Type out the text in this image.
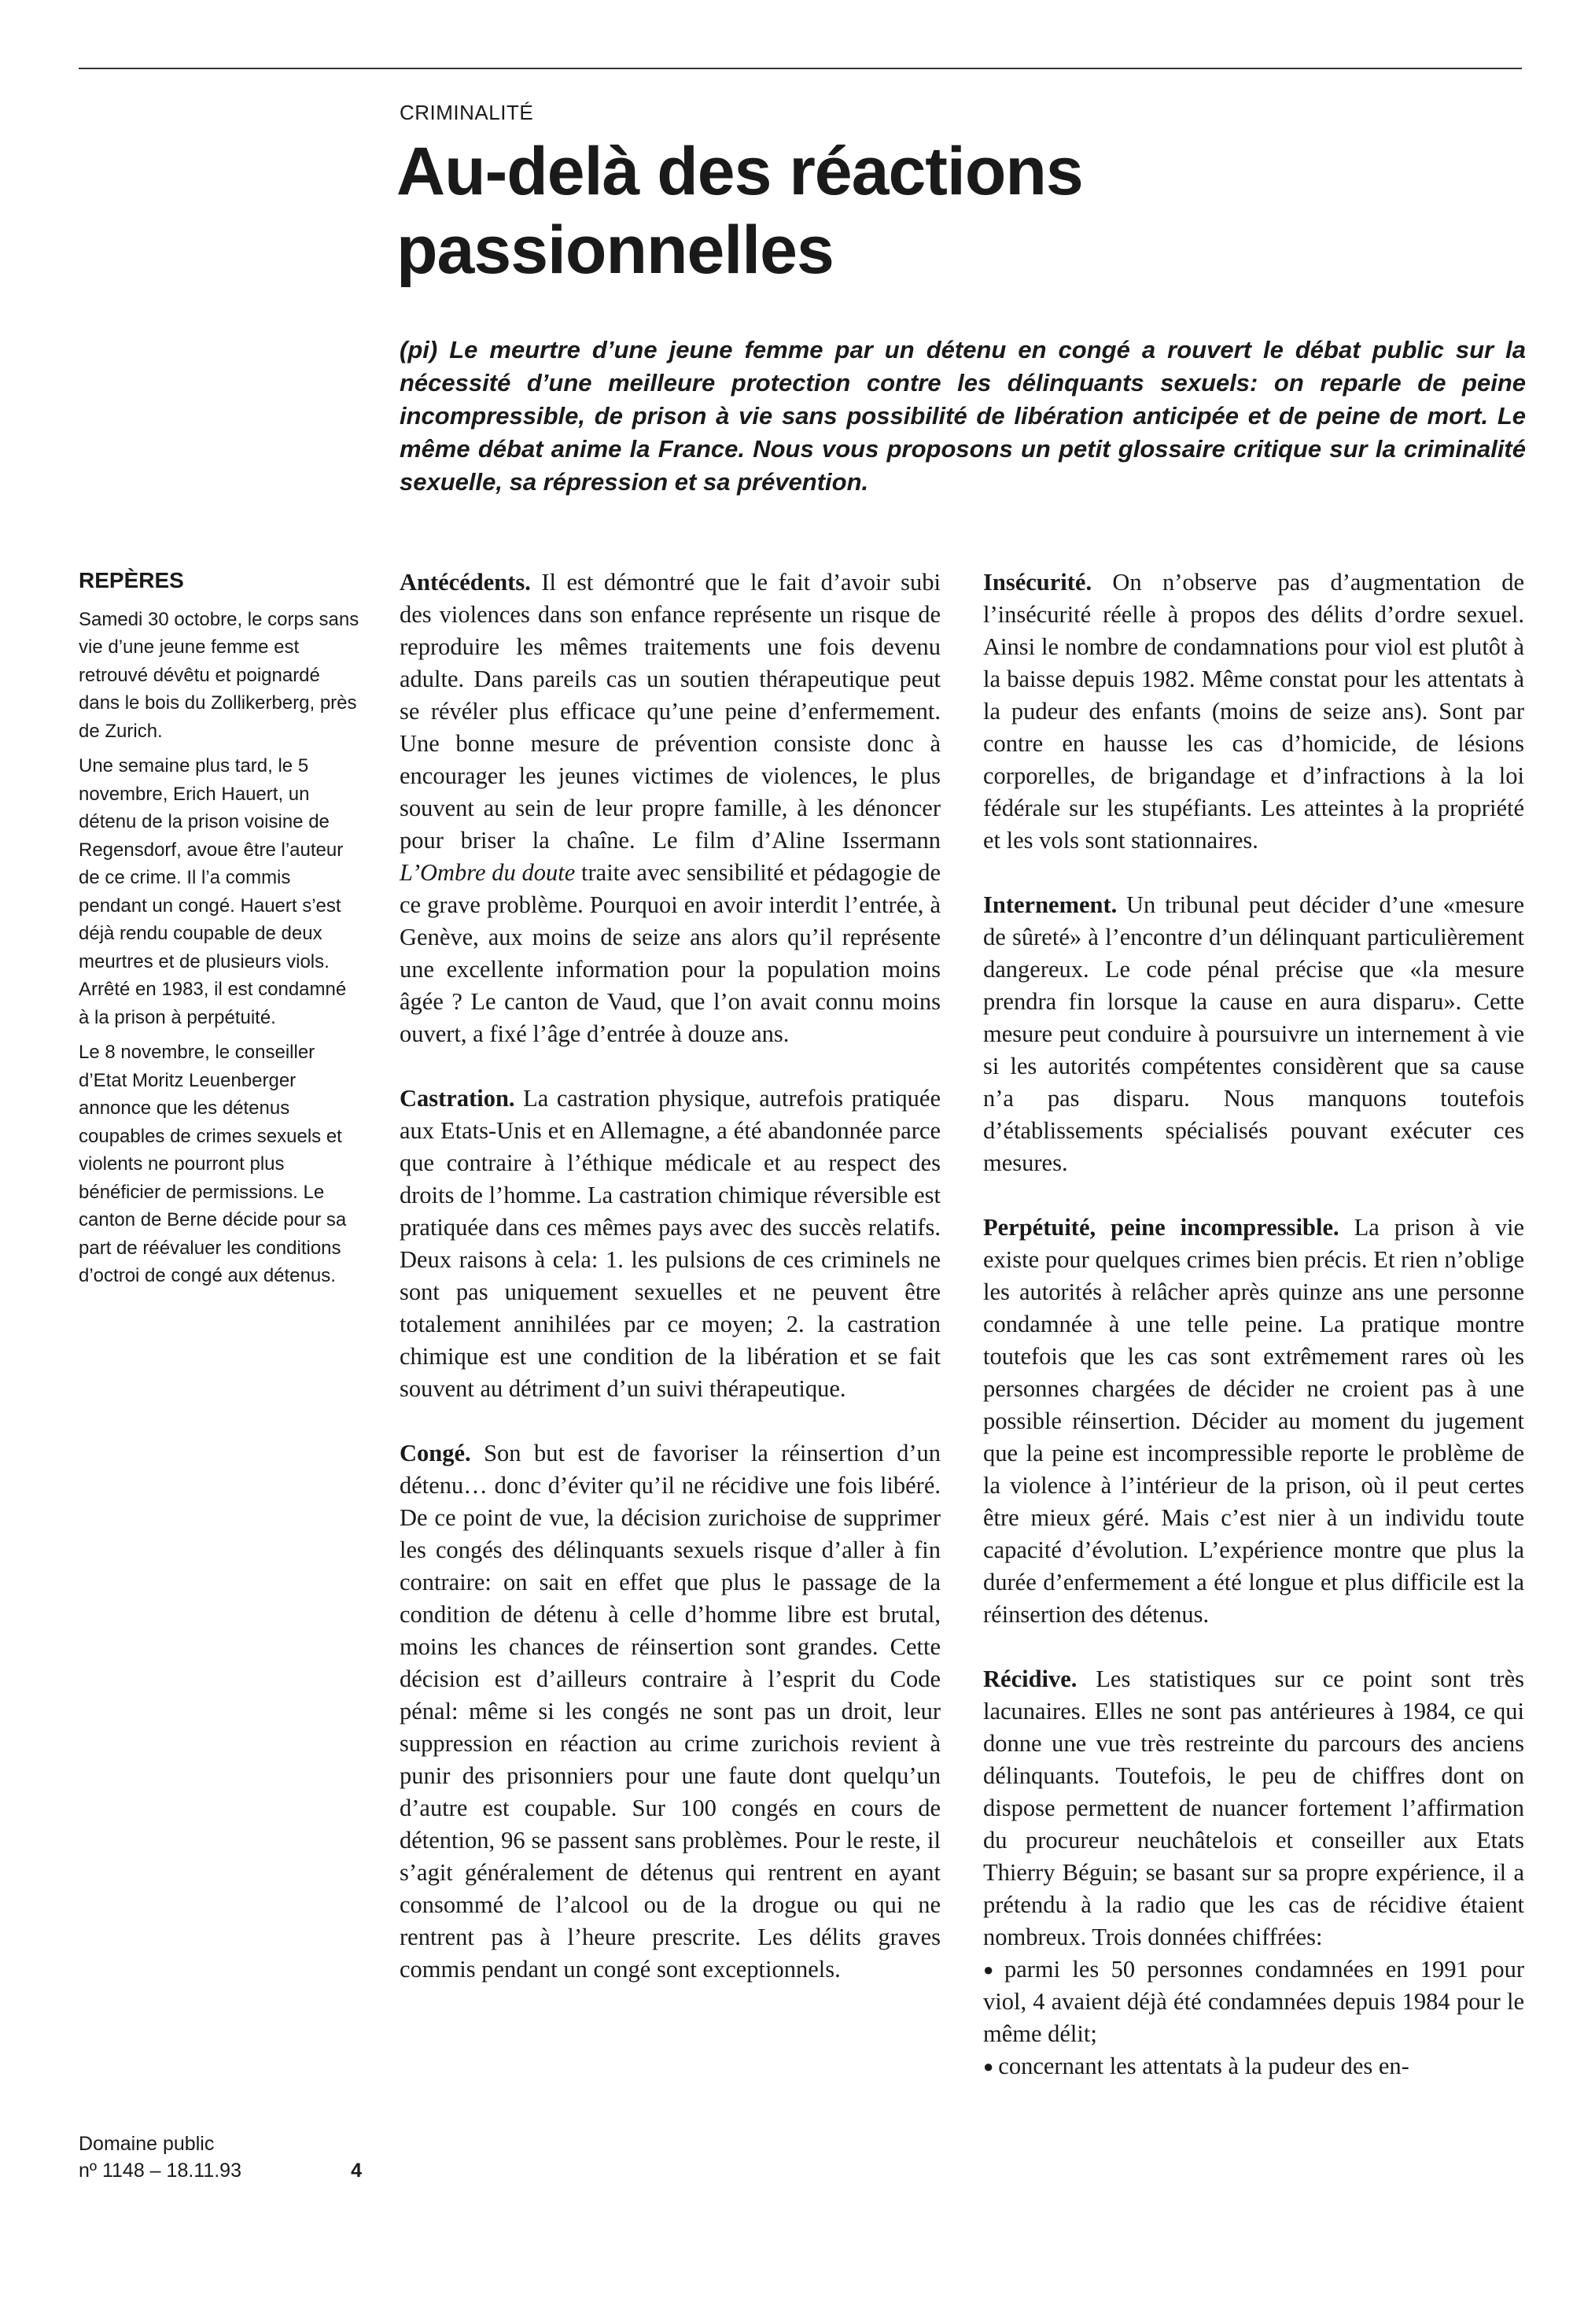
CRIMINALITÉ
Au-delà des réactions passionnelles

(pi) Le meurtre d’une jeune femme par un détenu en congé a rouvert le débat public sur la nécessité d’une meilleure protection contre les délinquants sexuels: on reparle de peine incompressible, de prison à vie sans possibilité de libération anticipée et de peine de mort. Le même débat anime la France. Nous vous proposons un petit glossaire critique sur la criminalité sexuelle, sa répression et sa prévention.

REPÈRES

Samedi 30 octobre, le corps sans vie d’une jeune femme est retrouvé dévêtu et poignardé dans le bois du Zollikerberg, près de Zurich.

Une semaine plus tard, le 5 novembre, Erich Hauert, un détenu de la prison voisine de Regensdorf, avoue être l’auteur de ce crime. Il l’a commis pendant un congé. Hauert s’est déjà rendu coupable de deux meurtres et de plusieurs viols. Arrêté en 1983, il est condamné à la prison à perpétuité.

Le 8 novembre, le conseiller d’Etat Moritz Leuenberger annonce que les détenus coupables de crimes sexuels et violents ne pourront plus bénéficier de permissions. Le canton de Berne décide pour sa part de réévaluer les conditions d’octroi de congé aux détenus.

Antécédents. Il est démontré que le fait d’avoir subi des violences dans son enfance représente un risque de reproduire les mêmes traitements une fois devenu adulte. Dans pareils cas un soutien thérapeutique peut se révéler plus efficace qu’une peine d’enfermement. Une bonne mesure de prévention consiste donc à encourager les jeunes victimes de violences, le plus souvent au sein de leur propre famille, à les dénoncer pour briser la chaîne. Le film d’Aline Issermann L’Ombre du doute traite avec sensibilité et pédagogie de ce grave problème. Pourquoi en avoir interdit l’entrée, à Genève, aux moins de seize ans alors qu’il représente une excellente information pour la population moins âgée ? Le canton de Vaud, que l’on avait connu moins ouvert, a fixé l’âge d’entrée à douze ans.

Castration. La castration physique, autrefois pratiquée aux Etats-Unis et en Allemagne, a été abandonnée parce que contraire à l’éthique médicale et au respect des droits de l’homme. La castration chimique réversible est pratiquée dans ces mêmes pays avec des succès relatifs. Deux raisons à cela: 1. les pulsions de ces criminels ne sont pas uniquement sexuelles et ne peuvent être totalement annihilées par ce moyen; 2. la castration chimique est une condition de la libération et se fait souvent au détriment d’un suivi thérapeutique.

Congé. Son but est de favoriser la réinsertion d’un détenu… donc d’éviter qu’il ne récidive une fois libéré. De ce point de vue, la décision zurichoise de supprimer les congés des délinquants sexuels risque d’aller à fin contraire: on sait en effet que plus le passage de la condition de détenu à celle d’homme libre est brutal, moins les chances de réinsertion sont grandes. Cette décision est d’ailleurs contraire à l’esprit du Code pénal: même si les congés ne sont pas un droit, leur suppression en réaction au crime zurichois revient à punir des prisonniers pour une faute dont quelqu’un d’autre est coupable. Sur 100 congés en cours de détention, 96 se passent sans problèmes. Pour le reste, il s’agit généralement de détenus qui rentrent en ayant consommé de l’alcool ou de la drogue ou qui ne rentrent pas à l’heure prescrite. Les délits graves commis pendant un congé sont exceptionnels.

Insécurité. On n’observe pas d’augmentation de l’insécurité réelle à propos des délits d’ordre sexuel. Ainsi le nombre de condamnations pour viol est plutôt à la baisse depuis 1982. Même constat pour les attentats à la pudeur des enfants (moins de seize ans). Sont par contre en hausse les cas d’homicide, de lésions corporelles, de brigandage et d’infractions à la loi fédérale sur les stupéfiants. Les atteintes à la propriété et les vols sont stationnaires.

Internement. Un tribunal peut décider d’une «mesure de sûreté» à l’encontre d’un délinquant particulièrement dangereux. Le code pénal précise que «la mesure prendra fin lorsque la cause en aura disparu». Cette mesure peut conduire à poursuivre un internement à vie si les autorités compétentes considèrent que sa cause n’a pas disparu. Nous manquons toutefois d’établissements spécialisés pouvant exécuter ces mesures.

Perpétuité, peine incompressible. La prison à vie existe pour quelques crimes bien précis. Et rien n’oblige les autorités à relâcher après quinze ans une personne condamnée à une telle peine. La pratique montre toutefois que les cas sont extrêmement rares où les personnes chargées de décider ne croient pas à une possible réinsertion. Décider au moment du jugement que la peine est incompressible reporte le problème de la violence à l’intérieur de la prison, où il peut certes être mieux géré. Mais c’est nier à un individu toute capacité d’évolution. L’expérience montre que plus la durée d’enfermement a été longue et plus difficile est la réinsertion des détenus.

Récidive. Les statistiques sur ce point sont très lacunaires. Elles ne sont pas antérieures à 1984, ce qui donne une vue très restreinte du parcours des anciens délinquants. Toutefois, le peu de chiffres dont on dispose permettent de nuancer fortement l’affirmation du procureur neuchâtelois et conseiller aux Etats Thierry Béguin; se basant sur sa propre expérience, il a prétendu à la radio que les cas de récidive étaient nombreux. Trois données chiffrées:

● parmi les 50 personnes condamnées en 1991 pour viol, 4 avaient déjà été condamnées depuis 1984 pour le même délit;

● concernant les attentats à la pudeur des en-

Domaine public
nº 1148 – 18.11.93	4
